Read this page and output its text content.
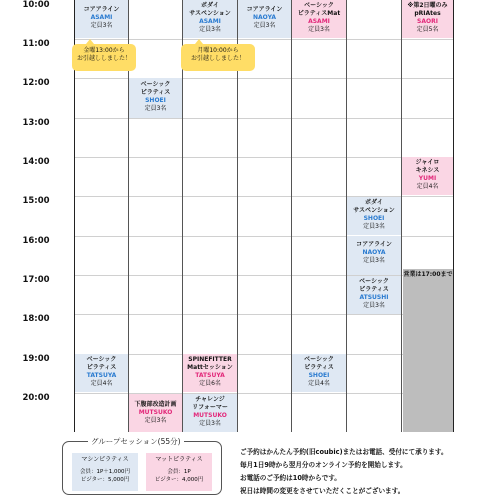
10:00
11:00
12:00
13:00
14:00
15:00
16:00
17:00
18:00
19:00
20:00
営業は17:00まで
コアアライン
ASAMI
定員3名
ベーシック
ピラティス
TATSUYA
定員4名
ベーシック
ピラティス
SHOEI
定員3名
下腹部改造計画
MUTSUKO
定員3名
ボダイ
サスペンション
ASAMI
定員3名
SPINEFITTER
Mattセッション
TATSUYA
定員6名
チャレンジ
リフォーマー
MUTSUKO
定員3名
コアアライン
NAOYA
定員3名
ベーシック
ピラティスMat
ASAMI
定員3名
ベーシック
ピラティス
SHOEI
定員4名
ボダイ
サスペンション
SHOEI
定員3名
コアアライン
NAOYA
定員3名
ベーシック
ピラティス
ATSUSHI
定員3名
※第2日曜のみ
pRIAtes
SAORI
定員5名
ジャイロ
キネシス
YUMI
定員4名
金曜13:00から
お引越ししました！
月曜10:00から
お引越ししました！
グループセッション(55分)
マシンピラティス
会員：1P＋1,000円
ビジター：5,000円
マットピラティス
会員：1P
ビジター：4,000円
ご予約はかんたん予約(旧coubic)またはお電話、受付にて承ります。
毎月1日9時から翌月分のオンライン予約を開始します。
お電話のご予約は10時からです。
祝日は時間の変更をさせていただくことがございます。
